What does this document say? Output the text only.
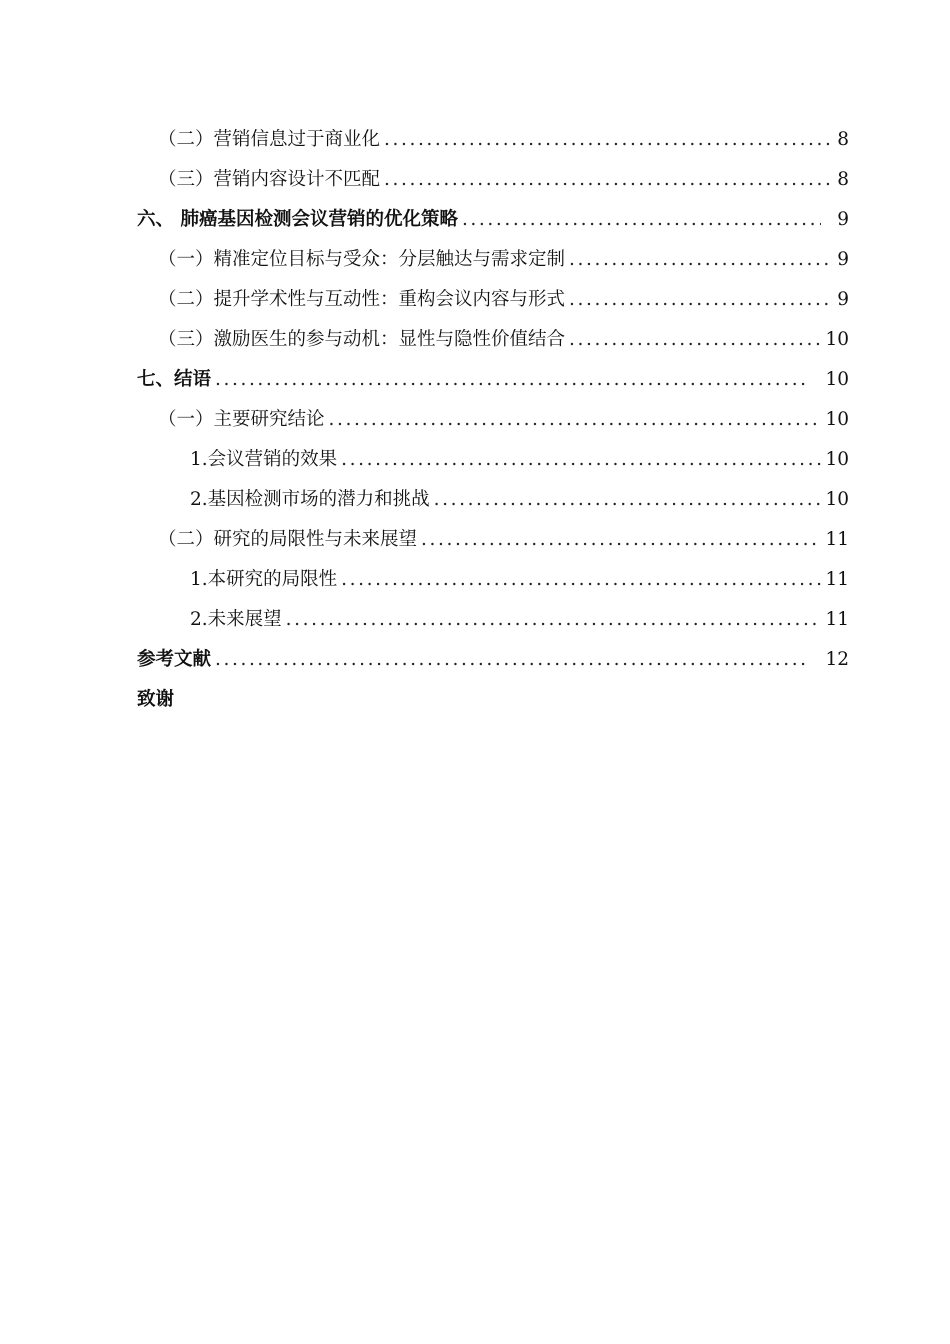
（二）营销信息过于商业化 .....	8
（三）营销内容设计不匹配 .....	8
六、 肺癌基因检测会议营销的优化策略 .....	9
（一）精准定位目标与受众：分层触达与需求定制 .....	9
（二）提升学术性与互动性：重构会议内容与形式 .....	9
（三）激励医生的参与动机：显性与隐性价值结合 .....	10
七、结语 .....	10
（一）主要研究结论 .....	10
1.会议营销的效果 .....	10
2.基因检测市场的潜力和挑战 .....	10
（二）研究的局限性与未来展望 .....	11
1.本研究的局限性 .....	11
2.未来展望 .....	11
参考文献 .....	12
致谢
